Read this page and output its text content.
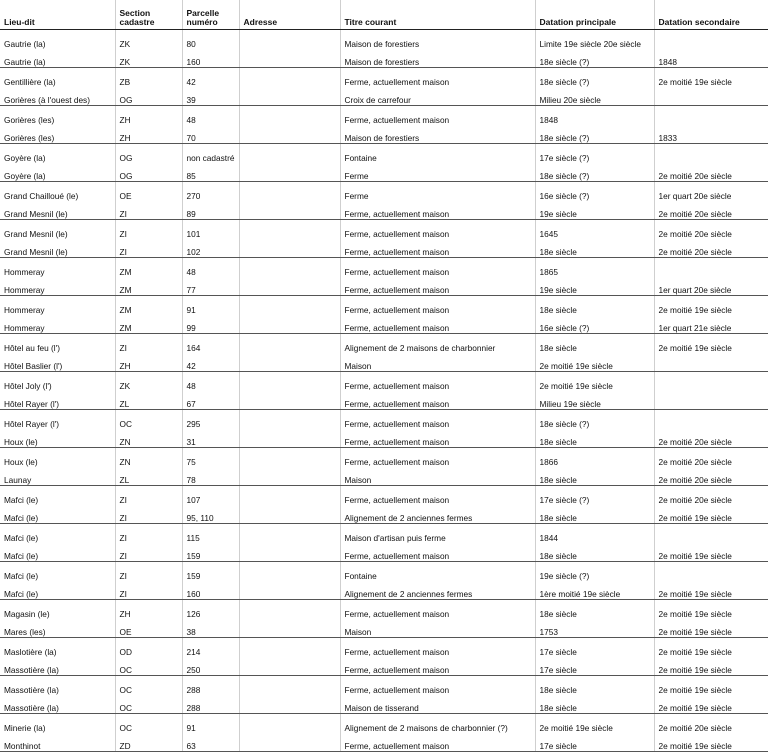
Lieu-dit	Section cadastre	Parcelle numéro	Adresse	Titre courant	Datation principale	Datation secondaire
Gautrie (la)	ZK	80		Maison de forestiers	Limite 19e siècle 20e siècle	
Gautrie (la)	ZK	160		Maison de forestiers	18e siècle (?)	1848
Gentillière (la)	ZB	42		Ferme, actuellement maison	18e siècle (?)	2e moitié 19e siècle
Gorières (à l'ouest des)	OG	39		Croix de carrefour	Milieu 20e siècle	
Gorières (les)	ZH	48		Ferme, actuellement maison	1848	
Gorières (les)	ZH	70		Maison de forestiers	18e siècle (?)	1833
Goyère (la)	OG	non cadastré		Fontaine	17e siècle (?)	
Goyère (la)	OG	85		Ferme	18e siècle (?)	2e moitié 20e siècle
Grand Chailloué (le)	OE	270		Ferme	16e siècle (?)	1er quart 20e siècle
Grand Mesnil (le)	ZI	89		Ferme, actuellement maison	19e siècle	2e moitié 20e siècle
Grand Mesnil (le)	ZI	101		Ferme, actuellement maison	1645	2e moitié 20e siècle
Grand Mesnil (le)	ZI	102		Ferme, actuellement maison	18e siècle	2e moitié 20e siècle
Hommeray	ZM	48		Ferme, actuellement maison	1865	
Hommeray	ZM	77		Ferme, actuellement maison	19e siècle	1er quart 20e siècle
Hommeray	ZM	91		Ferme, actuellement maison	18e siècle	2e moitié 19e siècle
Hommeray	ZM	99		Ferme, actuellement maison	16e siècle (?)	1er quart 21e siècle
Hôtel au feu (l')	ZI	164		Alignement de 2 maisons de charbonnier	18e siècle	2e moitié 19e siècle
Hôtel Baslier (l')	ZH	42		Maison	2e moitié 19e siècle	
Hôtel Joly (l')	ZK	48		Ferme, actuellement maison	2e moitié 19e siècle	
Hôtel Rayer (l')	ZL	67		Ferme, actuellement maison	Milieu 19e siècle	
Hôtel Rayer (l')	OC	295		Ferme, actuellement maison	18e siècle (?)	
Houx (le)	ZN	31		Ferme, actuellement maison	18e siècle	2e moitié 20e siècle
Houx (le)	ZN	75		Ferme, actuellement maison	1866	2e moitié 20e siècle
Launay	ZL	78		Maison	18e siècle	2e moitié 20e siècle
Mafci (le)	ZI	107		Ferme, actuellement maison	17e siècle (?)	2e moitié 20e siècle
Mafci (le)	ZI	95, 110		Alignement de 2 anciennes fermes	18e siècle	2e moitié 19e siècle
Mafci (le)	ZI	115		Maison d'artisan puis ferme	1844	
Mafci (le)	ZI	159		Ferme, actuellement maison	18e siècle	2e moitié 19e siècle
Mafci (le)	ZI	159		Fontaine	19e siècle (?)	
Mafci (le)	ZI	160		Alignement de 2 anciennes fermes	1ère moitié 19e siècle	2e moitié 19e siècle
Magasin (le)	ZH	126		Ferme, actuellement maison	18e siècle	2e moitié 19e siècle
Mares (les)	OE	38		Maison	1753	2e moitié 19e siècle
Maslotière (la)	OD	214		Ferme, actuellement maison	17e siècle	2e moitié 19e siècle
Massotière (la)	OC	250		Ferme, actuellement maison	17e siècle	2e moitié 19e siècle
Massotière (la)	OC	288		Ferme, actuellement maison	18e siècle	2e moitié 19e siècle
Massotière (la)	OC	288		Maison de tisserand	18e siècle	2e moitié 19e siècle
Minerie (la)	OC	91		Alignement de 2 maisons de charbonnier (?)	2e moitié 19e siècle	2e moitié 20e siècle
Monthinot	ZD	63		Ferme, actuellement maison	17e siècle	2e moitié 19e siècle
